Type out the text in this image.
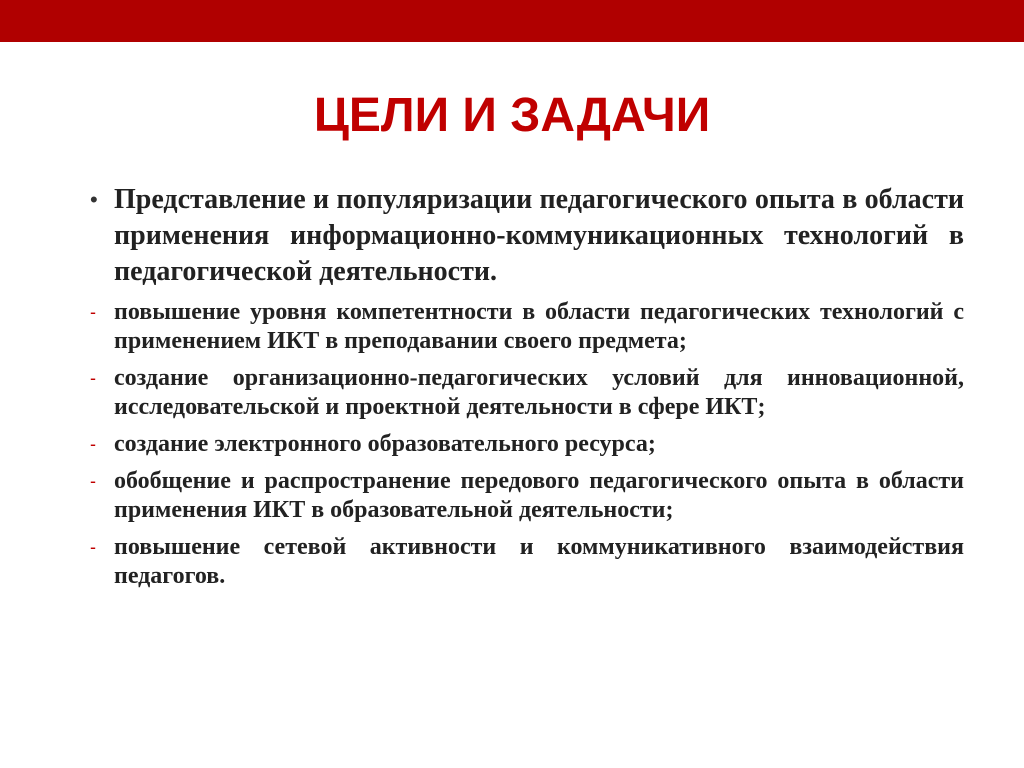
ЦЕЛИ И ЗАДАЧИ
• Представление и популяризации педагогического опыта в области применения информационно-коммуникационных технологий в педагогической деятельности.
- повышение уровня компетентности в области педагогических технологий с применением ИКТ в преподавании своего предмета;
- создание организационно-педагогических условий для инновационной, исследовательской и проектной деятельности в сфере ИКТ;
- создание электронного образовательного ресурса;
- обобщение и распространение передового педагогического опыта в области применения ИКТ в образовательной деятельности;
- повышение сетевой активности и коммуникативного взаимодействия педагогов.
